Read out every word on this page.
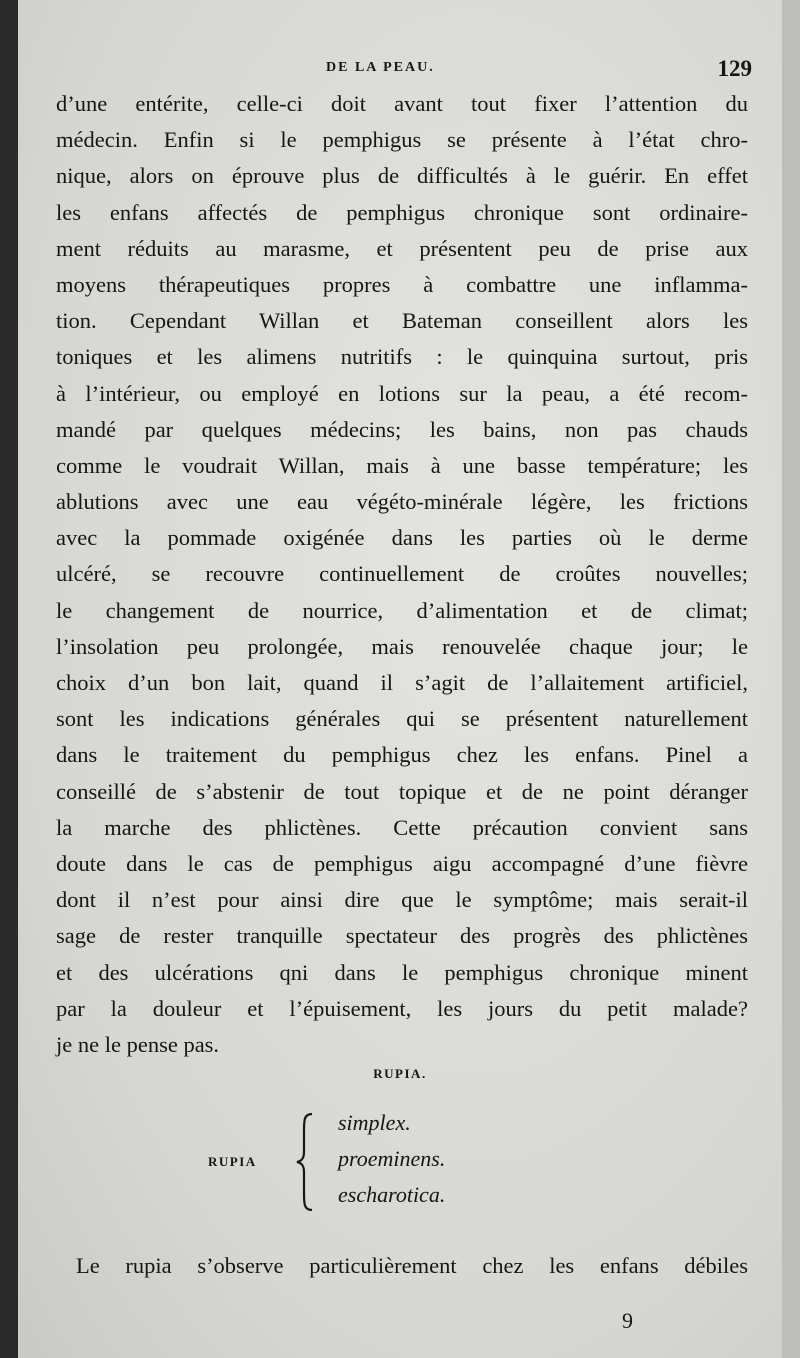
DE LA PEAU.	129
d’une entérite, celle-ci doit avant tout fixer l’attention du
médecin. Enfin si le pemphigus se présente à l’état chro-
nique, alors on éprouve plus de difficultés à le guérir. En effet
les enfans affectés de pemphigus chronique sont ordinaire-
ment réduits au marasme, et présentent peu de prise aux
moyens thérapeutiques propres à combattre une inflamma-
tion. Cependant Willan et Bateman conseillent alors les
toniques et les alimens nutritifs : le quinquina surtout, pris
à l’intérieur, ou employé en lotions sur la peau, a été recom-
mandé par quelques médecins; les bains, non pas chauds
comme le voudrait Willan, mais à une basse température; les
ablutions avec une eau végéto-minérale légère, les frictions
avec la pommade oxigénée dans les parties où le derme
ulcéré, se recouvre continuellement de croûtes nouvelles;
le changement de nourrice, d’alimentation et de climat;
l’insolation peu prolongée, mais renouvelée chaque jour; le
choix d’un bon lait, quand il s’agit de l’allaitement artificiel,
sont les indications générales qui se présentent naturellement
dans le traitement du pemphigus chez les enfans. Pinel a
conseillé de s’abstenir de tout topique et de ne point déranger
la marche des phlictènes. Cette précaution convient sans
doute dans le cas de pemphigus aigu accompagné d’une fièvre
dont il n’est pour ainsi dire que le symptôme; mais serait-il
sage de rester tranquille spectateur des progrès des phlictènes
et des ulcérations qni dans le pemphigus chronique minent
par la douleur et l’épuisement, les jours du petit malade?
je ne le pense pas.
RUPIA.
RUPIA
simplex.
proeminens.
escharotica.
Le rupia s’observe particulièrement chez les enfans débiles
9
